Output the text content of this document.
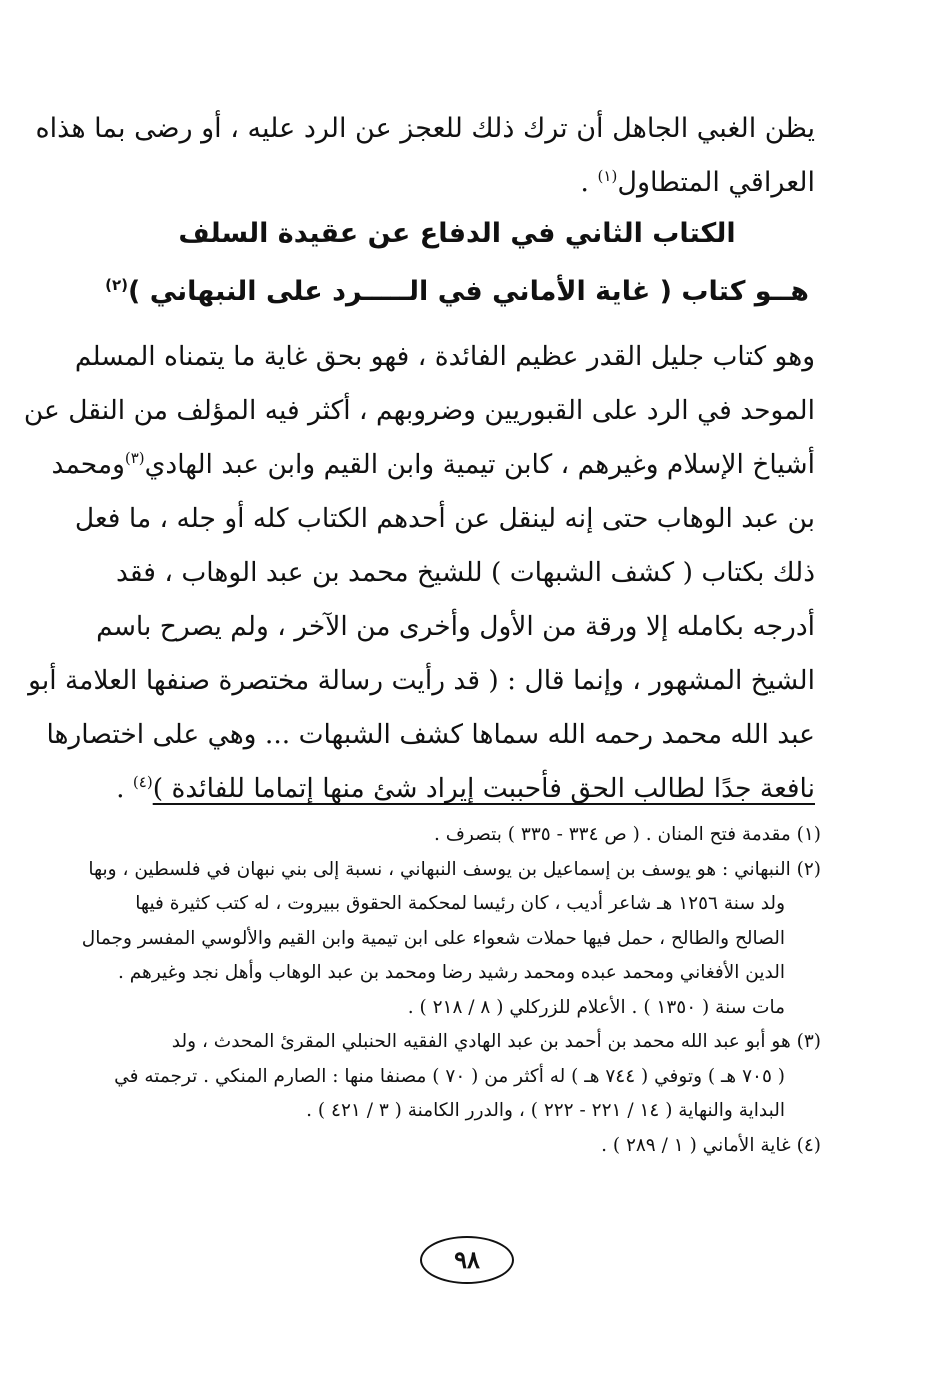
يظن الغبي الجاهل أن ترك ذلك للعجز عن الرد عليه ، أو رضى بما هذاه
العراقي المتطاول$^{(١)}$ .
الكتاب الثاني في الدفاع عن عقيدة السلف
هــو كتاب ( غاية الأماني في الـــــرد على النبهاني )$^{(٢)}$
وهو كتاب جليل القدر عظيم الفائدة ، فهو بحق غاية ما يتمناه المسلم
الموحد في الرد على القبوريين وضروبهم ، أكثر فيه المؤلف من النقل عن
أشياخ الإسلام وغيرهم ، كابن تيمية وابن القيم وابن عبد الهادي$^{(٣)}$ومحمد
بن عبد الوهاب حتى إنه لينقل عن أحدهم الكتاب كله أو جله ، ما فعل
ذلك بكتاب ( كشف الشبهات ) للشيخ محمد بن عبد الوهاب ، فقد
أدرجه بكامله إلا ورقة من الأول وأخرى من الآخر ، ولم يصرح باسم
الشيخ المشهور ، وإنما قال : ( قد رأيت رسالة مختصرة صنفها العلامة أبو
عبد الله محمد رحمه الله سماها كشف الشبهات ... وهي على اختصارها
نافعة جدًا لطالب الحق فأحببت إيراد شئ منها إتماما للفائدة )$^{(٤)}$ .
(١) مقدمة فتح المنان . ( ص ٣٣٤ - ٣٣٥ ) بتصرف .
(٢) النبهاني : هو يوسف بن إسماعيل بن يوسف النبهاني ، نسبة إلى بني نبهان في فلسطين ، وبها
ولد سنة ١٢٥٦ هـ شاعر أديب ، كان رئيسا لمحكمة الحقوق ببيروت ، له كتب كثيرة فيها
الصالح والطالح ، حمل فيها حملات شعواء على ابن تيمية وابن القيم والألوسي المفسر وجمال
الدين الأفغاني ومحمد عبده ومحمد رشيد رضا ومحمد بن عبد الوهاب وأهل نجد وغيرهم .
مات سنة ( ١٣٥٠ ) . الأعلام للزركلي ( ٨ / ٢١٨ ) .
(٣) هو أبو عبد الله محمد بن أحمد بن عبد الهادي الفقيه الحنبلي المقرئ المحدث ، ولد
( ٧٠٥ هـ ) وتوفي ( ٧٤٤ هـ ) له أكثر من ( ٧٠ ) مصنفا منها : الصارم المنكي . ترجمته في
البداية والنهاية ( ١٤ / ٢٢١ - ٢٢٢ ) ، والدرر الكامنة ( ٣ / ٤٢١ ) .
(٤) غاية الأماني ( ١ / ٢٨٩ ) .
٩٨
